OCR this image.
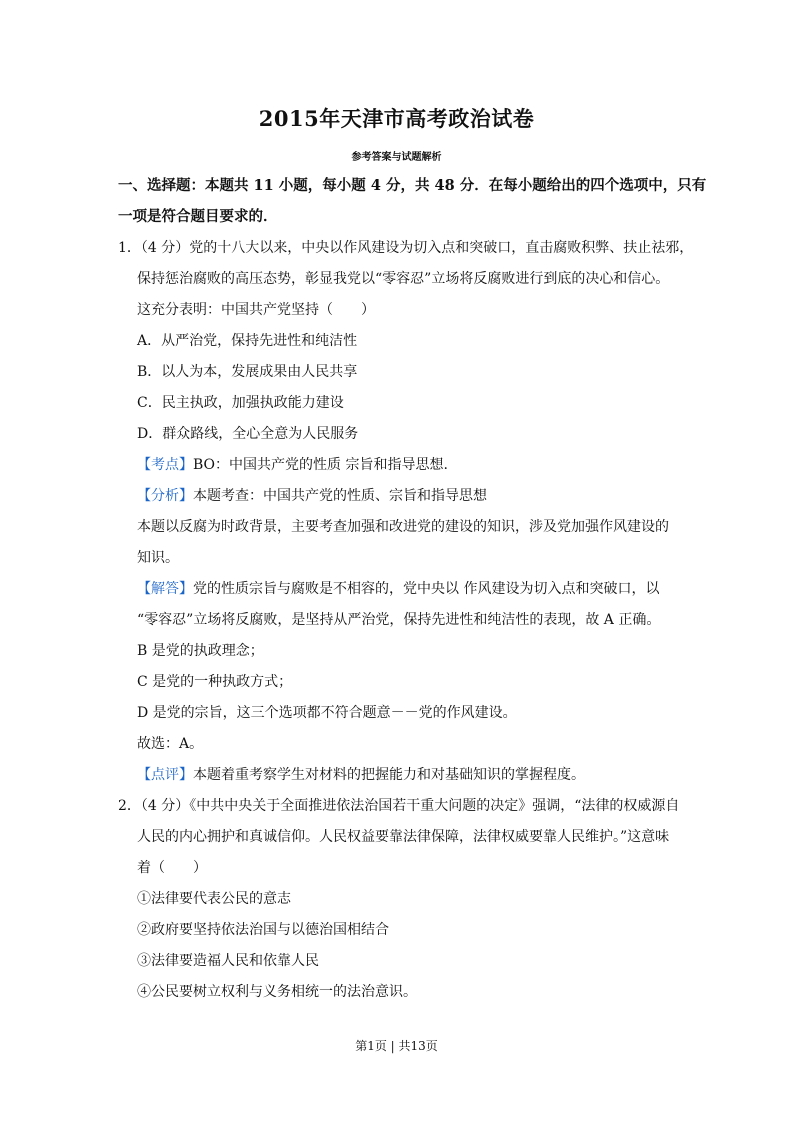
2015年天津市高考政治试卷
参考答案与试题解析
一、选择题：本题共 11 小题，每小题 4 分，共 48 分．在每小题给出的四个选项中，只有
一项是符合题目要求的．
1．（4 分）党的十八大以来，中央以作风建设为切入点和突破口，直击腐败积弊、扶止祛邪，
保持惩治腐败的高压态势，彰显我党以“零容忍”立场将反腐败进行到底的决心和信心。
这充分表明：中国共产党坚持（　　）
A．从严治党，保持先进性和纯洁性
B．以人为本，发展成果由人民共享
C．民主执政，加强执政能力建设
D．群众路线，全心全意为人民服务
【考点】BO：中国共产党的性质 宗旨和指导思想.
【分析】本题考查：中国共产党的性质、宗旨和指导思想
本题以反腐为时政背景，主要考查加强和改进党的建设的知识，涉及党加强作风建设的
知识。
【解答】党的性质宗旨与腐败是不相容的，党中央以 作风建设为切入点和突破口，以
“零容忍”立场将反腐败，是坚持从严治党，保持先进性和纯洁性的表现，故 A 正确。
B 是党的执政理念；
C 是党的一种执政方式；
D 是党的宗旨，这三个选项都不符合题意－－党的作风建设。
故选：A。
【点评】本题着重考察学生对材料的把握能力和对基础知识的掌握程度。
2．（4 分）《中共中央关于全面推进依法治国若干重大问题的决定》强调，“法律的权威源自
人民的内心拥护和真诚信仰。人民权益要靠法律保障，法律权威要靠人民维护。”这意味
着（　　）
①法律要代表公民的意志
②政府要坚持依法治国与以德治国相结合
③法律要造福人民和依靠人民
④公民要树立权利与义务相统一的法治意识。
第1页 | 共13页
